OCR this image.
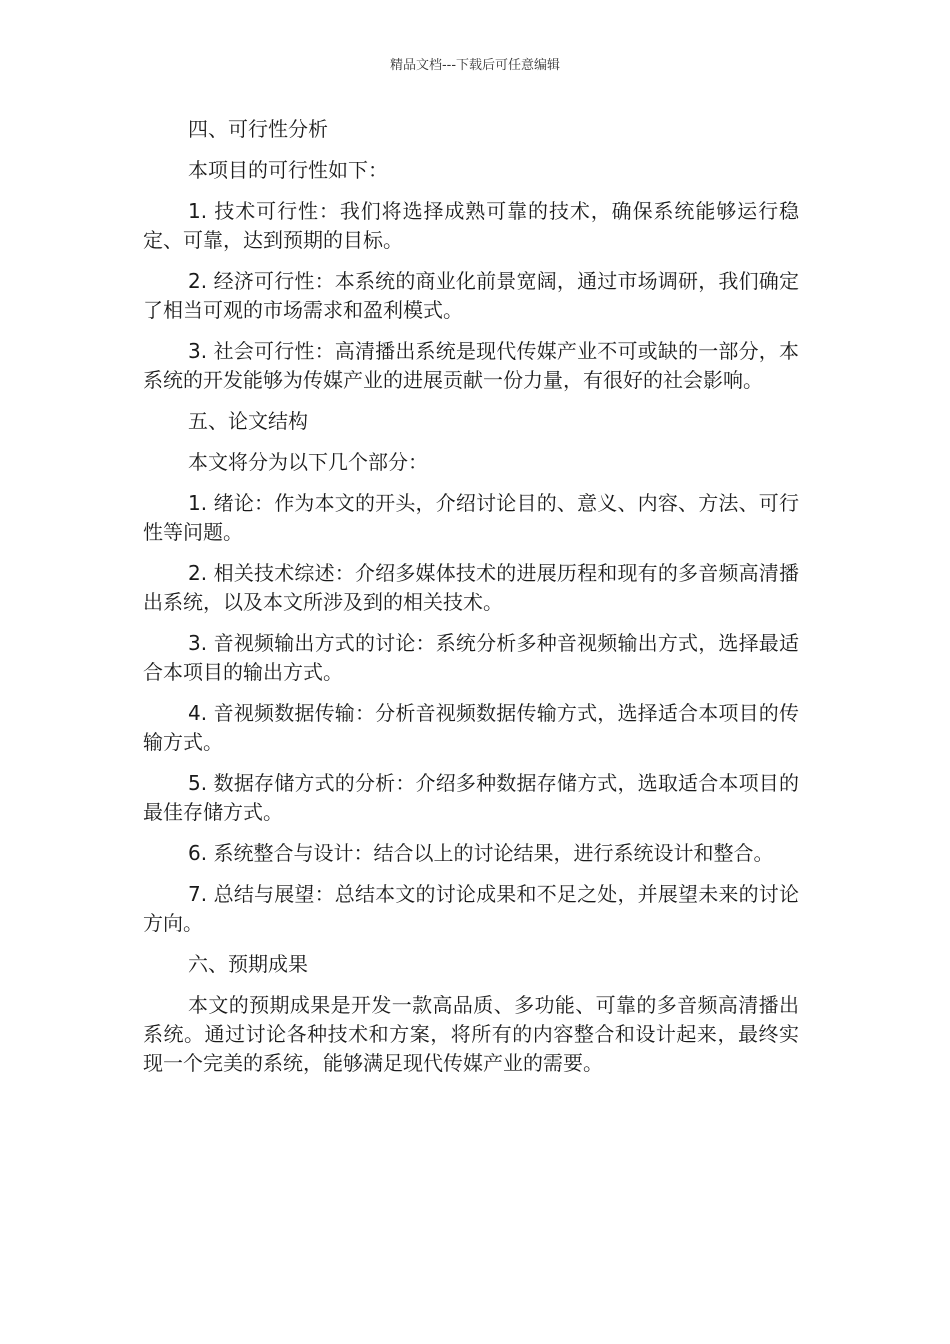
精品文档---下载后可任意编辑

四、可行性分析

本项目的可行性如下：

1. 技术可行性：我们将选择成熟可靠的技术，确保系统能够运行稳定、可靠，达到预期的目标。

2. 经济可行性：本系统的商业化前景宽阔，通过市场调研，我们确定了相当可观的市场需求和盈利模式。

3. 社会可行性：高清播出系统是现代传媒产业不可或缺的一部分，本系统的开发能够为传媒产业的进展贡献一份力量，有很好的社会影响。

五、论文结构

本文将分为以下几个部分：

1. 绪论：作为本文的开头，介绍讨论目的、意义、内容、方法、可行性等问题。

2. 相关技术综述：介绍多媒体技术的进展历程和现有的多音频高清播出系统，以及本文所涉及到的相关技术。

3. 音视频输出方式的讨论：系统分析多种音视频输出方式，选择最适合本项目的输出方式。

4. 音视频数据传输：分析音视频数据传输方式，选择适合本项目的传输方式。

5. 数据存储方式的分析：介绍多种数据存储方式，选取适合本项目的最佳存储方式。

6. 系统整合与设计：结合以上的讨论结果，进行系统设计和整合。

7. 总结与展望：总结本文的讨论成果和不足之处，并展望未来的讨论方向。

六、预期成果

本文的预期成果是开发一款高品质、多功能、可靠的多音频高清播出系统。通过讨论各种技术和方案，将所有的内容整合和设计起来，最终实现一个完美的系统，能够满足现代传媒产业的需要。
